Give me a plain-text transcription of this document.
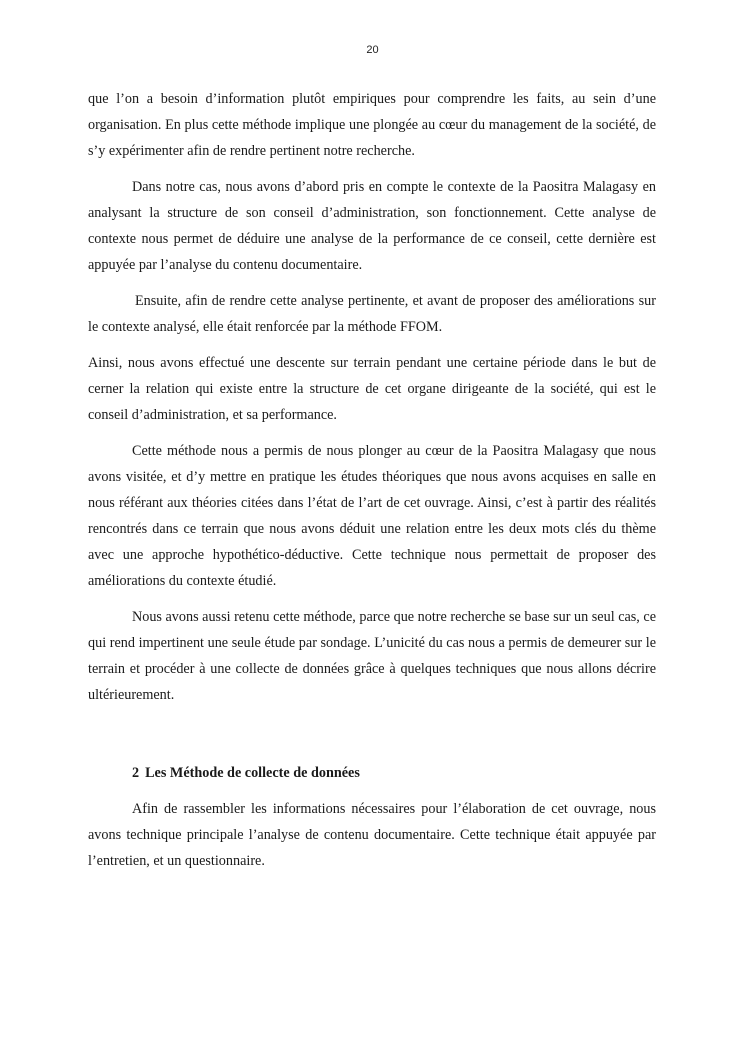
20

que l’on a besoin d’information plutôt empiriques pour comprendre les faits, au sein d’une organisation. En plus cette méthode implique une plongée au cœur du management de la société, de s’y expérimenter afin de rendre pertinent notre recherche.

Dans notre cas, nous avons d’abord pris en compte le contexte de la Paositra Malagasy en analysant la structure de son conseil d’administration, son fonctionnement. Cette analyse de contexte nous permet de déduire une analyse de la performance de ce conseil, cette dernière est appuyée par l’analyse du contenu documentaire.

Ensuite, afin de rendre cette analyse pertinente, et avant de proposer des améliorations sur le contexte analysé, elle était renforcée par la méthode FFOM.

Ainsi, nous avons effectué une descente sur terrain pendant une certaine période dans le but de cerner la relation qui existe entre la structure de cet organe dirigeante de la société, qui est le conseil d’administration, et sa performance.

Cette méthode nous a permis de nous plonger au cœur de la Paositra Malagasy que nous avons visitée, et d’y mettre en pratique les études théoriques que nous avons acquises en salle en nous référant aux théories citées dans l’état de l’art de cet ouvrage. Ainsi, c’est à partir des réalités rencontrés dans ce terrain que nous avons déduit une relation entre les deux mots clés du thème avec une approche hypothético-déductive. Cette technique nous permettait de proposer des améliorations du contexte étudié.

Nous avons aussi retenu cette méthode, parce que notre recherche se base sur un seul cas, ce qui rend impertinent une seule étude par sondage. L’unicité du cas nous a permis de demeurer sur le terrain et procéder à une collecte de données grâce à quelques techniques que nous allons décrire ultérieurement.

2 Les Méthode de collecte de données

Afin de rassembler les informations nécessaires pour l’élaboration de cet ouvrage, nous avons technique principale l’analyse de contenu documentaire. Cette technique était appuyée par l’entretien, et un questionnaire.
